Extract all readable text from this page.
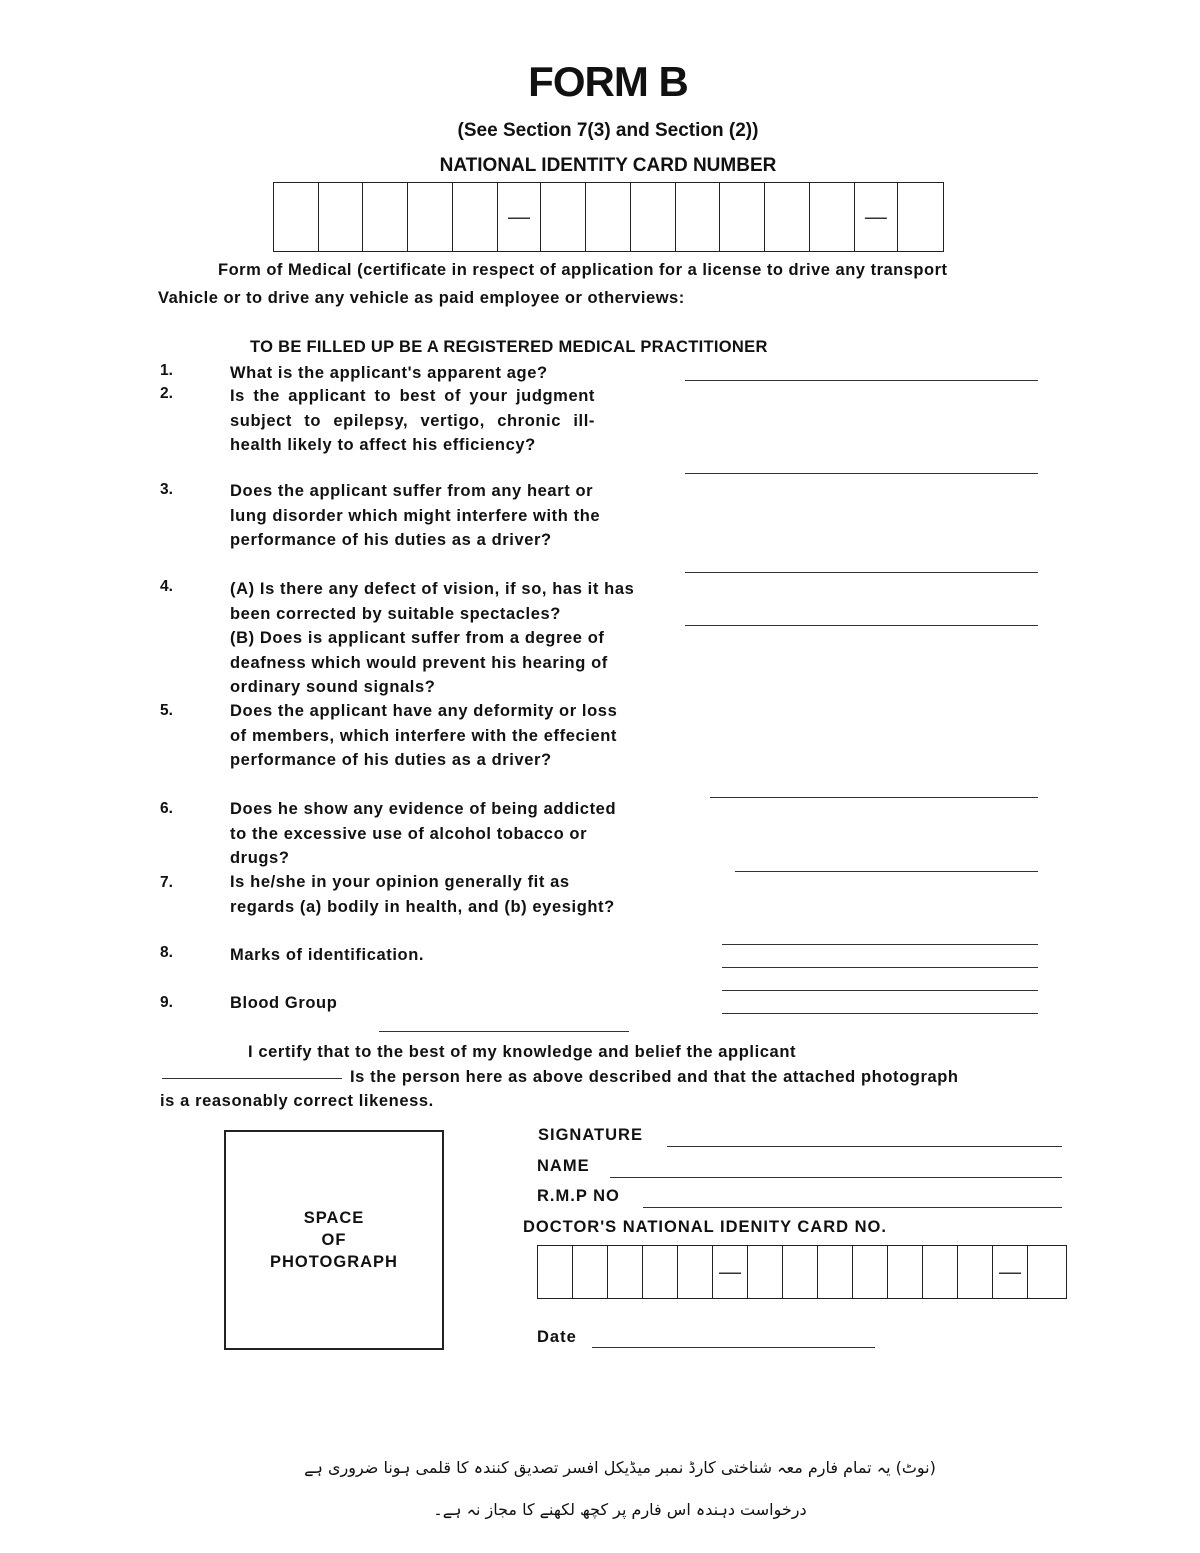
FORM B
(See Section 7(3) and Section (2))
NATIONAL IDENTITY CARD NUMBER
—	—
Form of Medical (certificate in respect of application for a license to drive any transport
Vahicle or to drive any vehicle as paid employee or otherviews:
TO BE FILLED UP BE A REGISTERED MEDICAL PRACTITIONER
1.	What is the applicant's apparent age?
2.	Is the applicant to best of your judgment subject to epilepsy, vertigo, chronic ill-health likely to affect his efficiency?
3.	Does the applicant suffer from any heart or lung disorder which might interfere with the performance of his duties as a driver?
4.	(A) Is there any defect of vision, if so, has it has been corrected by suitable spectacles?
(B) Does is applicant suffer from a degree of deafness which would prevent his hearing of ordinary sound signals?
5.	Does the applicant have any deformity or loss of members, which interfere with the effecient performance of his duties as a driver?
6.	Does he show any evidence of being addicted to the excessive use of alcohol tobacco or drugs?
7.	Is he/she in your opinion generally fit as regards (a) bodily in health, and (b) eyesight?
8.	Marks of identification.
9.	Blood Group
I certify that to the best of my knowledge and belief the applicant
Is the person here as above described and that the attached photograph
is a reasonably correct likeness.
SPACE
OF
PHOTOGRAPH
SIGNATURE
NAME
R.M.P NO
DOCTOR'S NATIONAL IDENITY CARD NO.
—	—
Date
(نوٹ) یہ تمام فارم معہ شناختی کارڈ نمبر میڈیکل افسر تصدیق کنندہ کا قلمی ہونا ضروری ہے
درخواست دہندہ اس فارم پر کچھ لکھنے کا مجاز نہ ہے۔
